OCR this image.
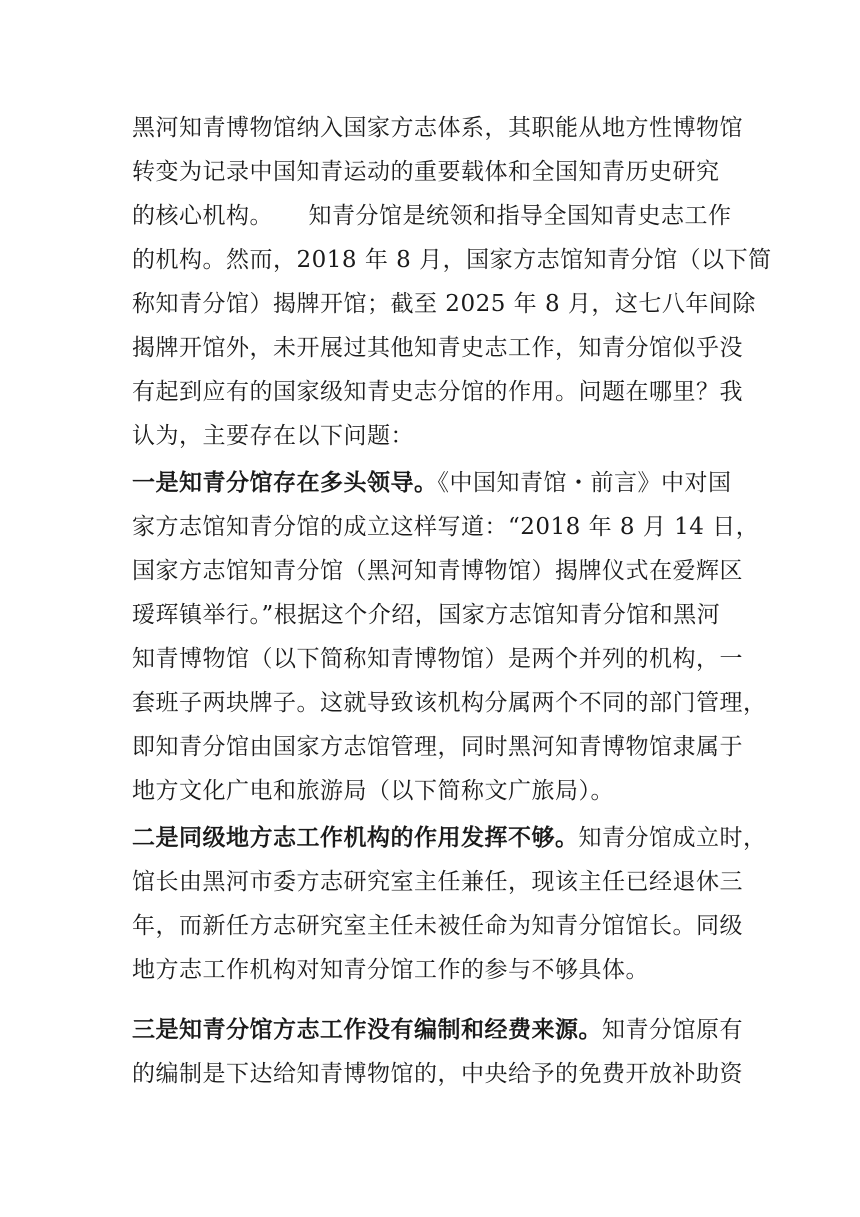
黑河知青博物馆纳入国家方志体系，其职能从地方性博物馆
转变为记录中国知青运动的重要载体和全国知青历史研究
的核心机构。　　知青分馆是统领和指导全国知青史志工作
的机构。然而，2018 年 8 月，国家方志馆知青分馆（以下简
称知青分馆）揭牌开馆；截至 2025 年 8 月，这七八年间除
揭牌开馆外，未开展过其他知青史志工作，知青分馆似乎没
有起到应有的国家级知青史志分馆的作用。问题在哪里？我
认为，主要存在以下问题：
一是知青分馆存在多头领导。《中国知青馆・前言》中对国
家方志馆知青分馆的成立这样写道：“2018 年 8 月 14 日，
国家方志馆知青分馆（黑河知青博物馆）揭牌仪式在爱辉区
瑷珲镇举行。”根据这个介绍，国家方志馆知青分馆和黑河
知青博物馆（以下简称知青博物馆）是两个并列的机构，一
套班子两块牌子。这就导致该机构分属两个不同的部门管理，
即知青分馆由国家方志馆管理，同时黑河知青博物馆隶属于
地方文化广电和旅游局（以下简称文广旅局）。
二是同级地方志工作机构的作用发挥不够。知青分馆成立时，
馆长由黑河市委方志研究室主任兼任，现该主任已经退休三
年，而新任方志研究室主任未被任命为知青分馆馆长。同级
地方志工作机构对知青分馆工作的参与不够具体。
三是知青分馆方志工作没有编制和经费来源。知青分馆原有
的编制是下达给知青博物馆的，中央给予的免费开放补助资
